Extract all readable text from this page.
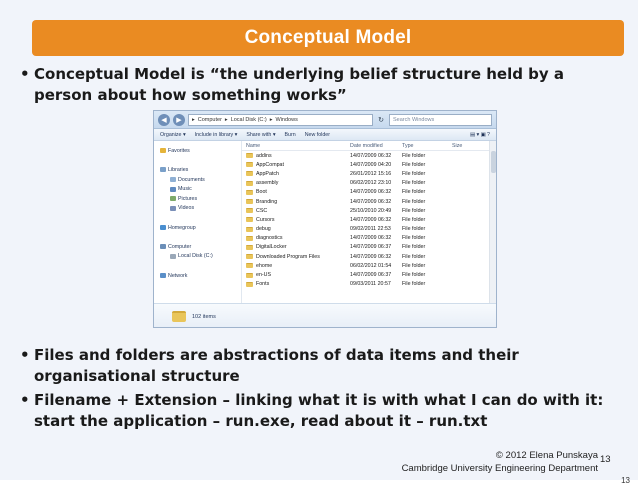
Conceptual Model
• Conceptual Model is “the underlying belief structure held by a person about how something works”
◀	▶	▸ Computer ▸ Local Disk (C:) ▸ Windows	↻	Search Windows
Organize ▾ Include in library ▾ Share with ▾ Burn New folder	▤ ▾ ▣ ?
Favorites
Libraries
Documents
Music
Pictures
Videos
Homegroup
Computer
Local Disk (C:)
Network
Name	Date modified	Type	Size
addins	14/07/2009 06:32	File folder
AppCompat	14/07/2009 04:20	File folder
AppPatch	26/01/2012 15:16	File folder
assembly	06/02/2012 23:10	File folder
Boot	14/07/2009 06:32	File folder
Branding	14/07/2009 06:32	File folder
CSC	25/10/2010 20:49	File folder
Cursors	14/07/2009 06:32	File folder
debug	09/02/2011 22:53	File folder
diagnostics	14/07/2009 06:32	File folder
DigitalLocker	14/07/2009 06:37	File folder
Downloaded Program Files	14/07/2009 06:32	File folder
ehome	06/02/2012 01:54	File folder
en-US	14/07/2009 06:37	File folder
Fonts	09/03/2011 20:57	File folder
102 items
• Files and folders are abstractions of data items and their organisational structure
• Filename + Extension – linking what it is with what I can do with it: start the application – run.exe, read about it – run.txt
© 2012 Elena Punskaya
Cambridge University Engineering Department
13
13
